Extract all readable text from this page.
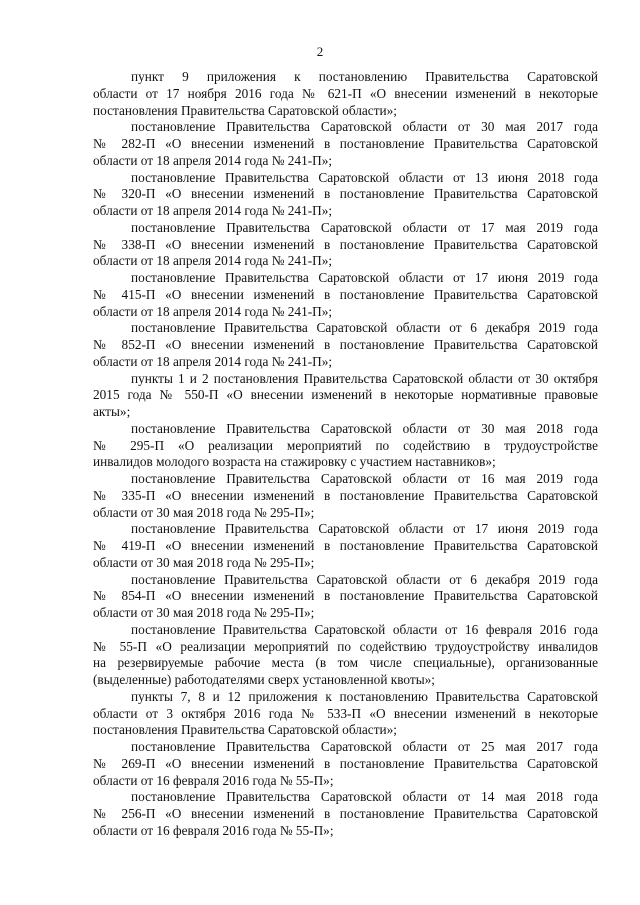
2

пункт 9 приложения к постановлению Правительства Саратовской
области от 17 ноября 2016 года № 621-П «О внесении изменений в некоторые
постановления Правительства Саратовской области»;

постановление Правительства Саратовской области от 30 мая 2017 года
№ 282-П «О внесении изменений в постановление Правительства Саратовской
области от 18 апреля 2014 года № 241-П»;

постановление Правительства Саратовской области от 13 июня 2018 года
№ 320-П «О внесении изменений в постановление Правительства Саратовской
области от 18 апреля 2014 года № 241-П»;

постановление Правительства Саратовской области от 17 мая 2019 года
№ 338-П «О внесении изменений в постановление Правительства Саратовской
области от 18 апреля 2014 года № 241-П»;

постановление Правительства Саратовской области от 17 июня 2019 года
№ 415-П «О внесении изменений в постановление Правительства Саратовской
области от 18 апреля 2014 года № 241-П»;

постановление Правительства Саратовской области от 6 декабря 2019 года
№ 852-П «О внесении изменений в постановление Правительства Саратовской
области от 18 апреля 2014 года № 241-П»;

пункты 1 и 2 постановления Правительства Саратовской области от 30 октября
2015 года № 550-П «О внесении изменений в некоторые нормативные правовые
акты»;

постановление Правительства Саратовской области от 30 мая 2018 года
№ 295-П «О реализации мероприятий по содействию в трудоустройстве
инвалидов молодого возраста на стажировку с участием наставников»;

постановление Правительства Саратовской области от 16 мая 2019 года
№ 335-П «О внесении изменений в постановление Правительства Саратовской
области от 30 мая 2018 года № 295-П»;

постановление Правительства Саратовской области от 17 июня 2019 года
№ 419-П «О внесении изменений в постановление Правительства Саратовской
области от 30 мая 2018 года № 295-П»;

постановление Правительства Саратовской области от 6 декабря 2019 года
№ 854-П «О внесении изменений в постановление Правительства Саратовской
области от 30 мая 2018 года № 295-П»;

постановление Правительства Саратовской области от 16 февраля 2016 года
№ 55-П «О реализации мероприятий по содействию трудоустройству инвалидов
на резервируемые рабочие места (в том числе специальные), организованные
(выделенные) работодателями сверх установленной квоты»;

пункты 7, 8 и 12 приложения к постановлению Правительства Саратовской
области от 3 октября 2016 года № 533-П «О внесении изменений в некоторые
постановления Правительства Саратовской области»;

постановление Правительства Саратовской области от 25 мая 2017 года
№ 269-П «О внесении изменений в постановление Правительства Саратовской
области от 16 февраля 2016 года № 55-П»;

постановление Правительства Саратовской области от 14 мая 2018 года
№ 256-П «О внесении изменений в постановление Правительства Саратовской
области от 16 февраля 2016 года № 55-П»;
